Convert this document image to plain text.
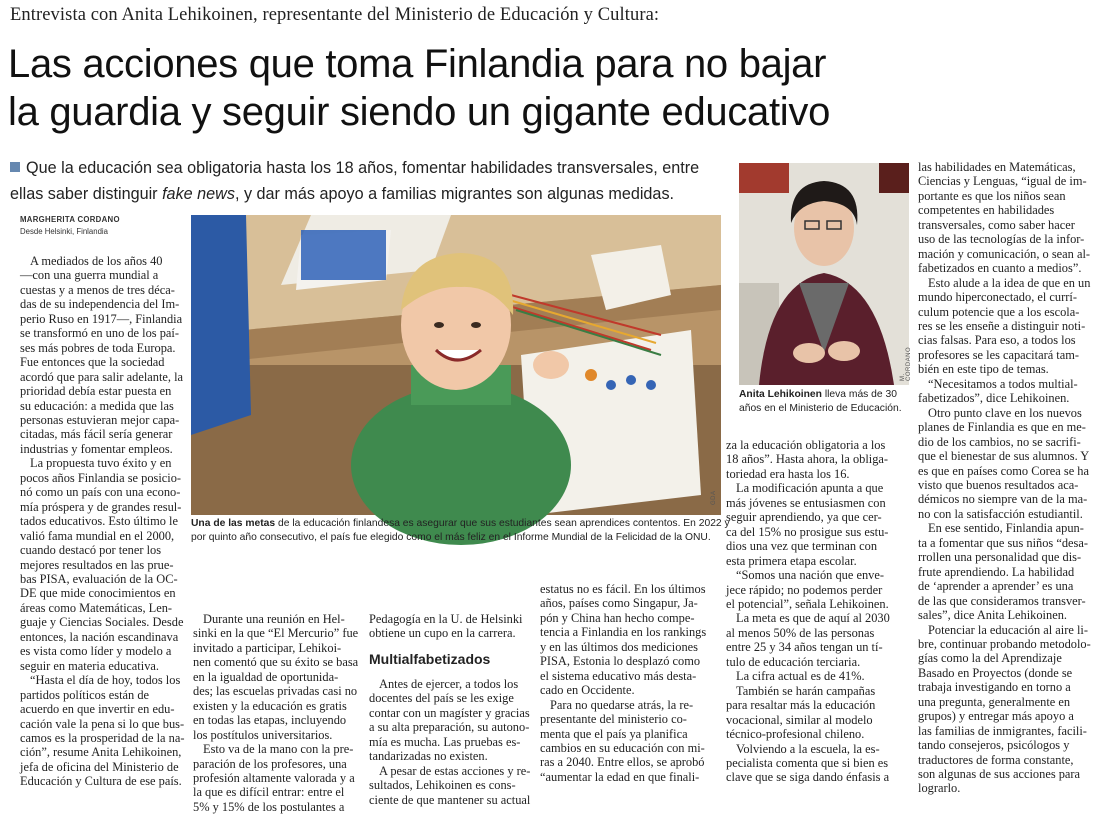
Entrevista con Anita Lehikoinen, representante del Ministerio de Educación y Cultura:
Las acciones que toma Finlandia para no bajar
la guardia y seguir siendo un gigante educativo
Que la educación sea obligatoria hasta los 18 años, fomentar habilidades transversales, entre
ellas saber distinguir fake news, y dar más apoyo a familias migrantes son algunas medidas.
MARGHERITA CORDANO
Desde Helsinki, Finlandia
GDA
Una de las metas de la educación finlandesa es asegurar que sus estudiantes sean aprendices contentos. En 2022 y
por quinto año consecutivo, el país fue elegido como el más feliz en el Informe Mundial de la Felicidad de la ONU.
M. CORDANO
Anita Lehikoinen lleva más de 30
años en el Ministerio de Educación.

A mediados de los años 40
—con una guerra mundial a
cuestas y a menos de tres déca-
das de su independencia del Im-
perio Ruso en 1917—, Finlandia
se transformó en uno de los paí-
ses más pobres de toda Europa.
Fue entonces que la sociedad
acordó que para salir adelante, la
prioridad debía estar puesta en
su educación: a medida que las
personas estuvieran mejor capa-
citadas, más fácil sería generar
industrias y fomentar empleos.

La propuesta tuvo éxito y en
pocos años Finlandia se posicio-
nó como un país con una econo-
mía próspera y de grandes resul-
tados educativos. Esto último le
valió fama mundial en el 2000,
cuando destacó por tener los
mejores resultados en las prue-
bas PISA, evaluación de la OC-
DE que mide conocimientos en
áreas como Matemáticas, Len-
guaje y Ciencias Sociales. Desde
entonces, la nación escandinava
es vista como líder y modelo a
seguir en materia educativa.

“Hasta el día de hoy, todos los
partidos políticos están de
acuerdo en que invertir en edu-
cación vale la pena si lo que bus-
camos es la prosperidad de la na-
ción”, resume Anita Lehikoinen,
jefa de oficina del Ministerio de
Educación y Cultura de ese país.

Durante una reunión en Hel-
sinki en la que “El Mercurio” fue
invitado a participar, Lehikoi-
nen comentó que su éxito se basa
en la igualdad de oportunida-
des; las escuelas privadas casi no
existen y la educación es gratis
en todas las etapas, incluyendo
los postítulos universitarios.

Esto va de la mano con la pre-
paración de los profesores, una
profesión altamente valorada y a
la que es difícil entrar: entre el
5% y 15% de los postulantes a

Pedagogía en la U. de Helsinki
obtiene un cupo en la carrera.

Multialfabetizados

Antes de ejercer, a todos los
docentes del país se les exige
contar con un magíster y gracias
a su alta preparación, su autono-
mía es mucha. Las pruebas es-
tandarizadas no existen.

A pesar de estas acciones y re-
sultados, Lehikoinen es cons-
ciente de que mantener su actual

estatus no es fácil. En los últimos
años, países como Singapur, Ja-
pón y China han hecho compe-
tencia a Finlandia en los rankings
y en las últimos dos mediciones
PISA, Estonia lo desplazó como
el sistema educativo más desta-
cado en Occidente.

Para no quedarse atrás, la re-
presentante del ministerio co-
menta que el país ya planifica
cambios en su educación con mi-
ras a 2040. Entre ellos, se aprobó
“aumentar la edad en que finali-

za la educación obligatoria a los
18 años”. Hasta ahora, la obliga-
toriedad era hasta los 16.

La modificación apunta a que
más jóvenes se entusiasmen con
seguir aprendiendo, ya que cer-
ca del 15% no prosigue sus estu-
dios una vez que terminan con
esta primera etapa escolar.

“Somos una nación que enve-
jece rápido; no podemos perder
el potencial”, señala Lehikoinen.

La meta es que de aquí al 2030
al menos 50% de las personas
entre 25 y 34 años tengan un tí-
tulo de educación terciaria.

La cifra actual es de 41%.

También se harán campañas
para resaltar más la educación
vocacional, similar al modelo
técnico-profesional chileno.

Volviendo a la escuela, la es-
pecialista comenta que si bien es
clave que se siga dando énfasis a

las habilidades en Matemáticas,
Ciencias y Lenguas, “igual de im-
portante es que los niños sean
competentes en habilidades
transversales, como saber hacer
uso de las tecnologías de la infor-
mación y comunicación, o sean al-
fabetizados en cuanto a medios”.

Esto alude a la idea de que en un
mundo hiperconectado, el currí-
culum potencie que a los escola-
res se les enseñe a distinguir noti-
cias falsas. Para eso, a todos los
profesores se les capacitará tam-
bién en este tipo de temas.

“Necesitamos a todos multial-
fabetizados”, dice Lehikoinen.

Otro punto clave en los nuevos
planes de Finlandia es que en me-
dio de los cambios, no se sacrifi-
que el bienestar de sus alumnos. Y
es que en países como Corea se ha
visto que buenos resultados aca-
démicos no siempre van de la ma-
no con la satisfacción estudiantil.

En ese sentido, Finlandia apun-
ta a fomentar que sus niños “desa-
rrollen una personalidad que dis-
frute aprendiendo. La habilidad
de ‘aprender a aprender’ es una
de las que consideramos transver-
sales”, dice Anita Lehikoinen.

Potenciar la educación al aire li-
bre, continuar probando metodolo-
gías como la del Aprendizaje
Basado en Proyectos (donde se
trabaja investigando en torno a
una pregunta, generalmente en
grupos) y entregar más apoyo a
las familias de inmigrantes, facili-
tando consejeros, psicólogos y
traductores de forma constante,
son algunas de sus acciones para
lograrlo.
